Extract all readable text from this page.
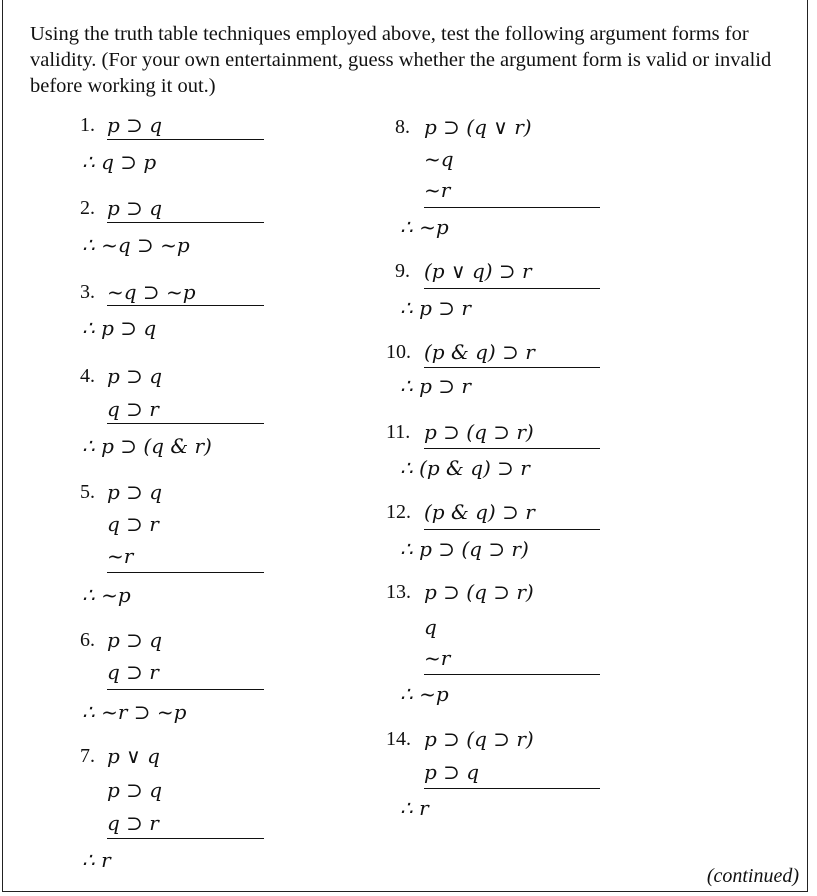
Using the truth table techniques employed above, test the following argument forms for validity. (For your own entertainment, guess whether the argument form is valid or invalid before working it out.)

1. p ⊃ q
∴ q ⊃ p
2. p ⊃ q
∴ ~q ⊃ ~p
3. ~q ⊃ ~p
∴ p ⊃ q
4. p ⊃ q
q ⊃ r
∴ p ⊃ (q & r)
5. p ⊃ q
q ⊃ r
~r
∴ ~p
6. p ⊃ q
q ⊃ r
∴ ~r ⊃ ~p
7. p ∨ q
p ⊃ q
q ⊃ r
∴ r
8. p ⊃ (q ∨ r)
~q
~r
∴ ~p
9. (p ∨ q) ⊃ r
∴ p ⊃ r
10. (p & q) ⊃ r
∴ p ⊃ r
11. p ⊃ (q ⊃ r)
∴ (p & q) ⊃ r
12. (p & q) ⊃ r
∴ p ⊃ (q ⊃ r)
13. p ⊃ (q ⊃ r)
q
~r
∴ ~p
14. p ⊃ (q ⊃ r)
p ⊃ q
∴ r
(continued)
